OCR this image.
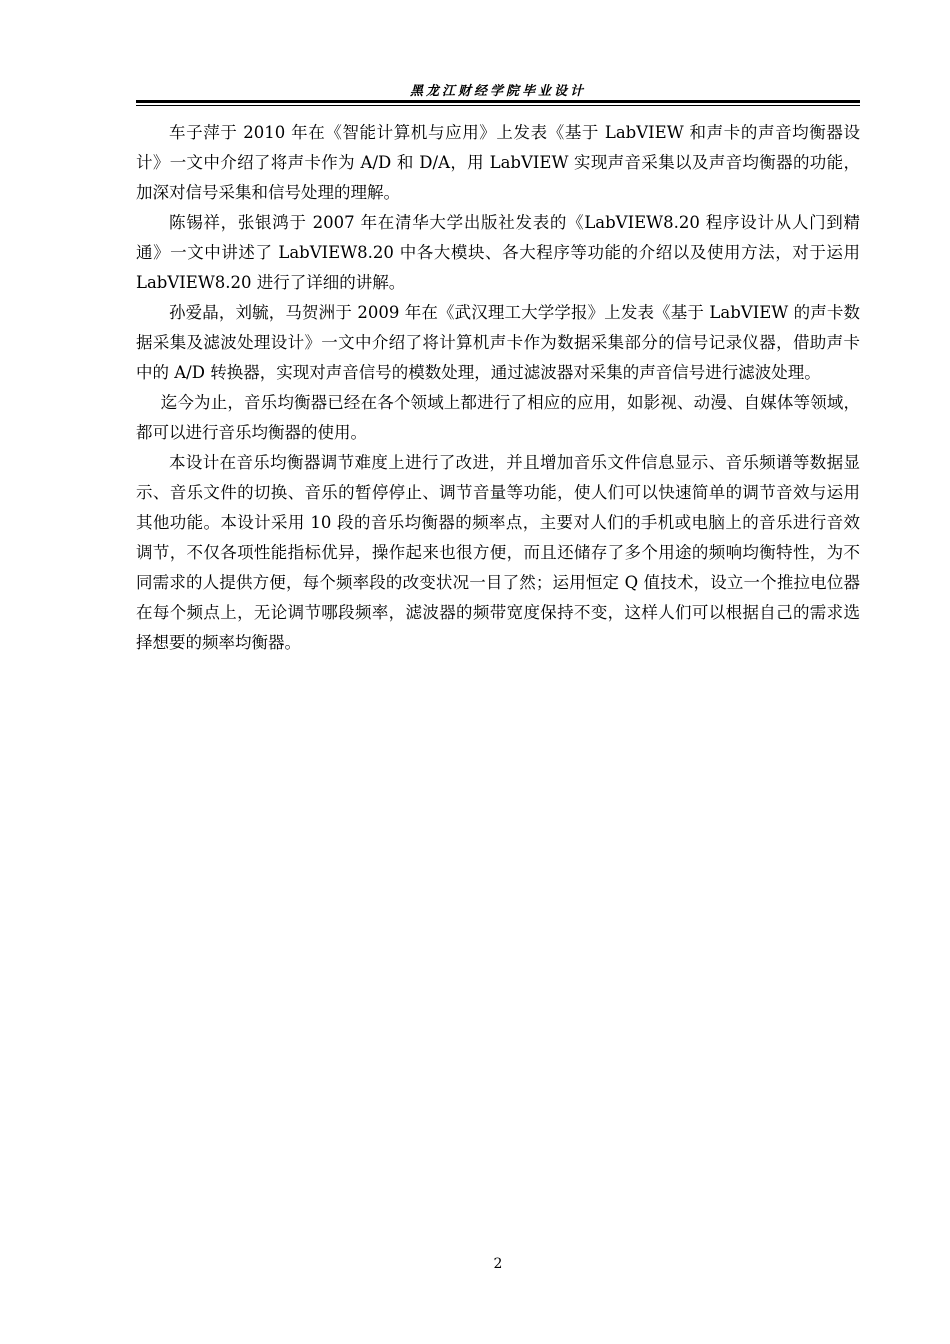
黑龙江财经学院毕业设计

车子萍于 2010 年在《智能计算机与应用》上发表《基于 LabVIEW 和声卡的声音均衡器设计》一文中介绍了将声卡作为 A/D 和 D/A，用 LabVIEW 实现声音采集以及声音均衡器的功能，加深对信号采集和信号处理的理解。

陈锡祥，张银鸿于 2007 年在清华大学出版社发表的《LabVIEW8.20 程序设计从人门到精通》一文中讲述了 LabVIEW8.20 中各大模块、各大程序等功能的介绍以及使用方法，对于运用 LabVIEW8.20 进行了详细的讲解。

孙爱晶，刘毓，马贺洲于 2009 年在《武汉理工大学学报》上发表《基于 LabVIEW 的声卡数据采集及滤波处理设计》一文中介绍了将计算机声卡作为数据采集部分的信号记录仪器，借助声卡中的 A/D 转换器，实现对声音信号的模数处理，通过滤波器对采集的声音信号进行滤波处理。

迄今为止，音乐均衡器已经在各个领域上都进行了相应的应用，如影视、动漫、自媒体等领域，都可以进行音乐均衡器的使用。

本设计在音乐均衡器调节难度上进行了改进，并且增加音乐文件信息显示、音乐频谱等数据显示、音乐文件的切换、音乐的暂停停止、调节音量等功能，使人们可以快速简单的调节音效与运用其他功能。本设计采用 10 段的音乐均衡器的频率点，主要对人们的手机或电脑上的音乐进行音效调节，不仅各项性能指标优异，操作起来也很方便，而且还储存了多个用途的频响均衡特性，为不同需求的人提供方便，每个频率段的改变状况一目了然；运用恒定 Q 值技术，设立一个推拉电位器在每个频点上，无论调节哪段频率，滤波器的频带宽度保持不变，这样人们可以根据自己的需求选择想要的频率均衡器。

2
